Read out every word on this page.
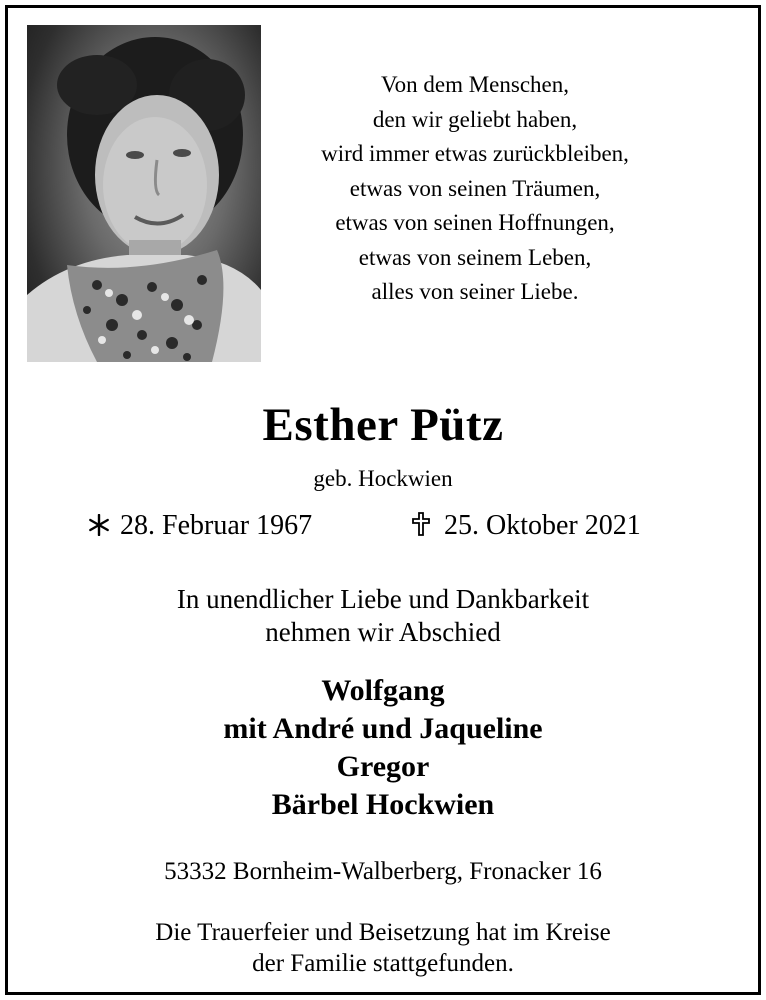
Von dem Menschen,
den wir geliebt haben,
wird immer etwas zurückbleiben,
etwas von seinen Träumen,
etwas von seinen Hoffnungen,
etwas von seinem Leben,
alles von seiner Liebe.
Esther Pütz
geb. Hockwien
28. Februar 1967	25. Oktober 2021
In unendlicher Liebe und Dankbarkeit
nehmen wir Abschied
Wolfgang
mit André und Jaqueline
Gregor
Bärbel Hockwien
53332 Bornheim-Walberberg, Fronacker 16
Die Trauerfeier und Beisetzung hat im Kreise
der Familie stattgefunden.
